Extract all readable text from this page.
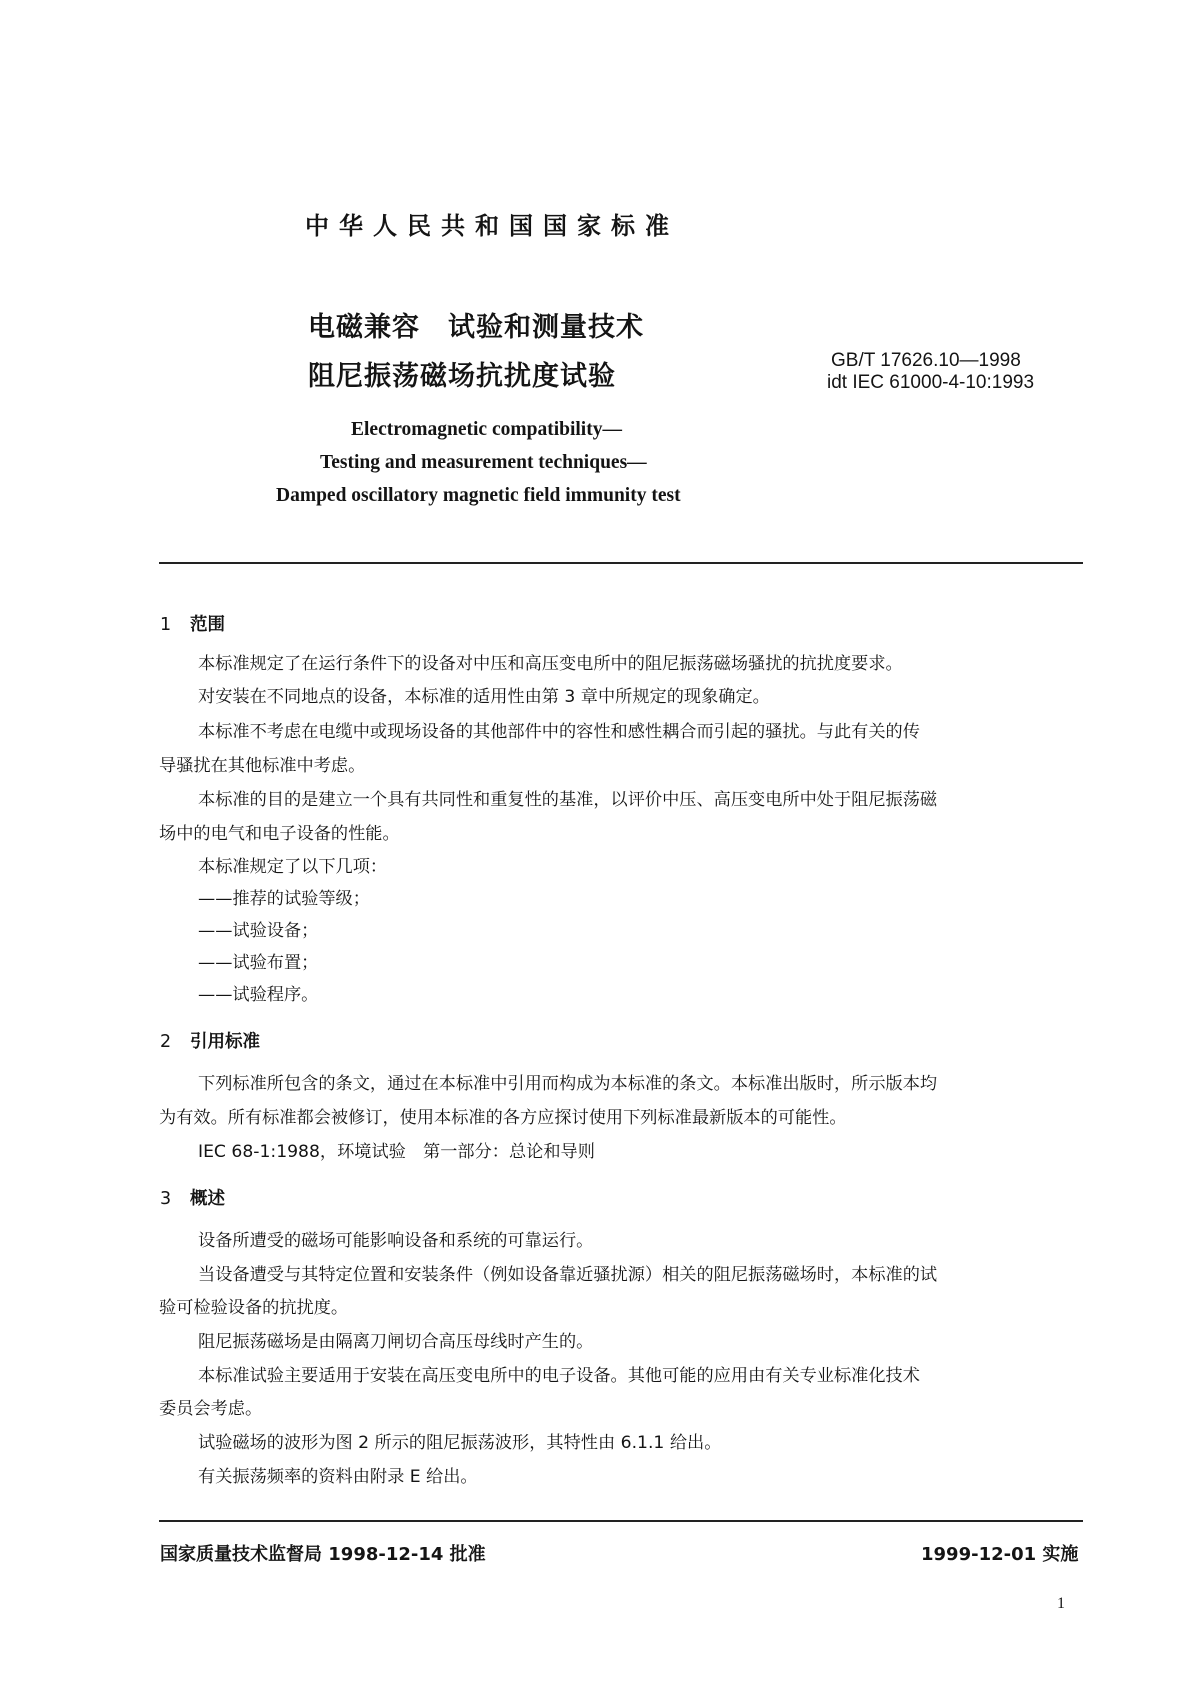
中华人民共和国国家标准
电磁兼容　试验和测量技术
阻尼振荡磁场抗扰度试验
GB/T 17626.10—1998
idt IEC 61000-4-10:1993
Electromagnetic compatibility—
Testing and measurement techniques—
Damped oscillatory magnetic field immunity test
1 范围
本标准规定了在运行条件下的设备对中压和高压变电所中的阻尼振荡磁场骚扰的抗扰度要求。
对安装在不同地点的设备，本标准的适用性由第 3 章中所规定的现象确定。
本标准不考虑在电缆中或现场设备的其他部件中的容性和感性耦合而引起的骚扰。与此有关的传
导骚扰在其他标准中考虑。
本标准的目的是建立一个具有共同性和重复性的基准，以评价中压、高压变电所中处于阻尼振荡磁
场中的电气和电子设备的性能。
本标准规定了以下几项：
——推荐的试验等级；
——试验设备；
——试验布置；
——试验程序。
2 引用标准
下列标准所包含的条文，通过在本标准中引用而构成为本标准的条文。本标准出版时，所示版本均
为有效。所有标准都会被修订，使用本标准的各方应探讨使用下列标准最新版本的可能性。
IEC 68-1:1988，环境试验　第一部分：总论和导则
3 概述
设备所遭受的磁场可能影响设备和系统的可靠运行。
当设备遭受与其特定位置和安装条件（例如设备靠近骚扰源）相关的阻尼振荡磁场时，本标准的试
验可检验设备的抗扰度。
阻尼振荡磁场是由隔离刀闸切合高压母线时产生的。
本标准试验主要适用于安装在高压变电所中的电子设备。其他可能的应用由有关专业标准化技术
委员会考虑。
试验磁场的波形为图 2 所示的阻尼振荡波形，其特性由 6.1.1 给出。
有关振荡频率的资料由附录 E 给出。
国家质量技术监督局 1998-12-14 批准	1999-12-01 实施
1
